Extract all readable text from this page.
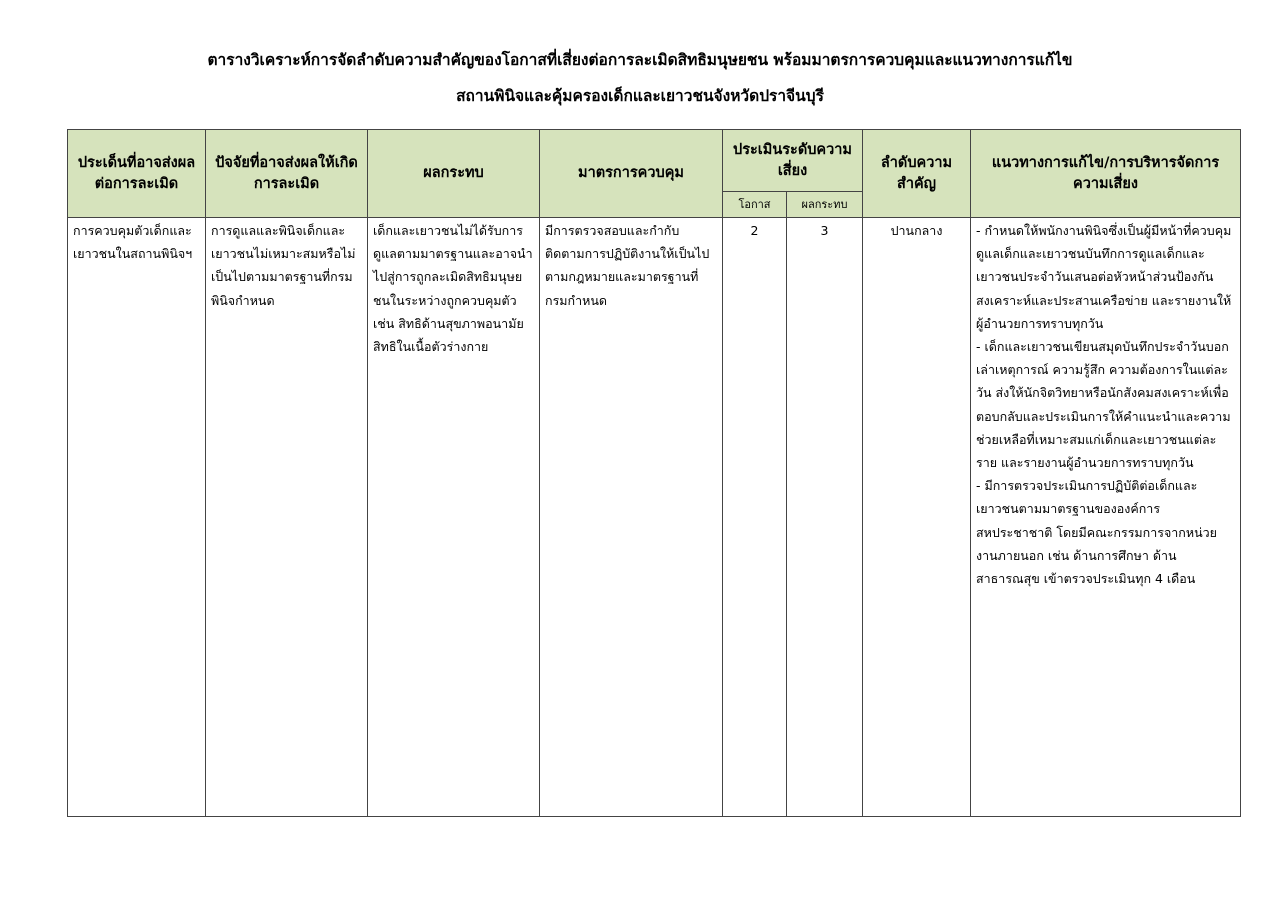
ตารางวิเคราะห์การจัดลำดับความสำคัญของโอกาสที่เสี่ยงต่อการละเมิดสิทธิมนุษยชน พร้อมมาตรการควบคุมและแนวทางการแก้ไข
สถานพินิจและคุ้มครองเด็กและเยาวชนจังหวัดปราจีนบุรี
ประเด็นที่อาจส่งผลต่อการละเมิด	ปัจจัยที่อาจส่งผลให้เกิดการละเมิด	ผลกระทบ	มาตรการควบคุม	ประเมินระดับความเสี่ยง		ลำดับความสำคัญ	แนวทางการแก้ไข/การบริหารจัดการความเสี่ยง
				โอกาส	ผลกระทบ		
การควบคุมตัวเด็กและเยาวชนในสถานพินิจฯ	การดูแลและพินิจเด็กและเยาวชนไม่เหมาะสมหรือไม่เป็นไปตามมาตรฐานที่กรมพินิจกำหนด	เด็กและเยาวชนไม่ได้รับการดูแลตามมาตรฐานและอาจนำไปสู่การถูกละเมิดสิทธิมนุษยชนในระหว่างถูกควบคุมตัว เช่น สิทธิด้านสุขภาพอนามัย สิทธิในเนื้อตัวร่างกาย	มีการตรวจสอบและกำกับติดตามการปฏิบัติงานให้เป็นไปตามกฎหมายและมาตรฐานที่กรมกำหนด	2	3	ปานกลาง	- กำหนดให้พนักงานพินิจซึ่งเป็นผู้มีหน้าที่ควบคุมดูแลเด็กและเยาวชนบันทึกการดูแลเด็กและเยาวชนประจำวันเสนอต่อหัวหน้าส่วนป้องกันสงเคราะห์และประสานเครือข่าย และรายงานให้ผู้อำนวยการทราบทุกวัน
- เด็กและเยาวชนเขียนสมุดบันทึกประจำวันบอกเล่าเหตุการณ์ ความรู้สึก ความต้องการในแต่ละวัน ส่งให้นักจิตวิทยาหรือนักสังคมสงเคราะห์เพื่อตอบกลับและประเมินการให้คำแนะนำและความช่วยเหลือที่เหมาะสมแก่เด็กและเยาวชนแต่ละราย และรายงานผู้อำนวยการทราบทุกวัน
- มีการตรวจประเมินการปฏิบัติต่อเด็กและเยาวชนตามมาตรฐานขององค์การสหประชาชาติ โดยมีคณะกรรมการจากหน่วยงานภายนอก เช่น ด้านการศึกษา ด้านสาธารณสุข เข้าตรวจประเมินทุก 4 เดือน
